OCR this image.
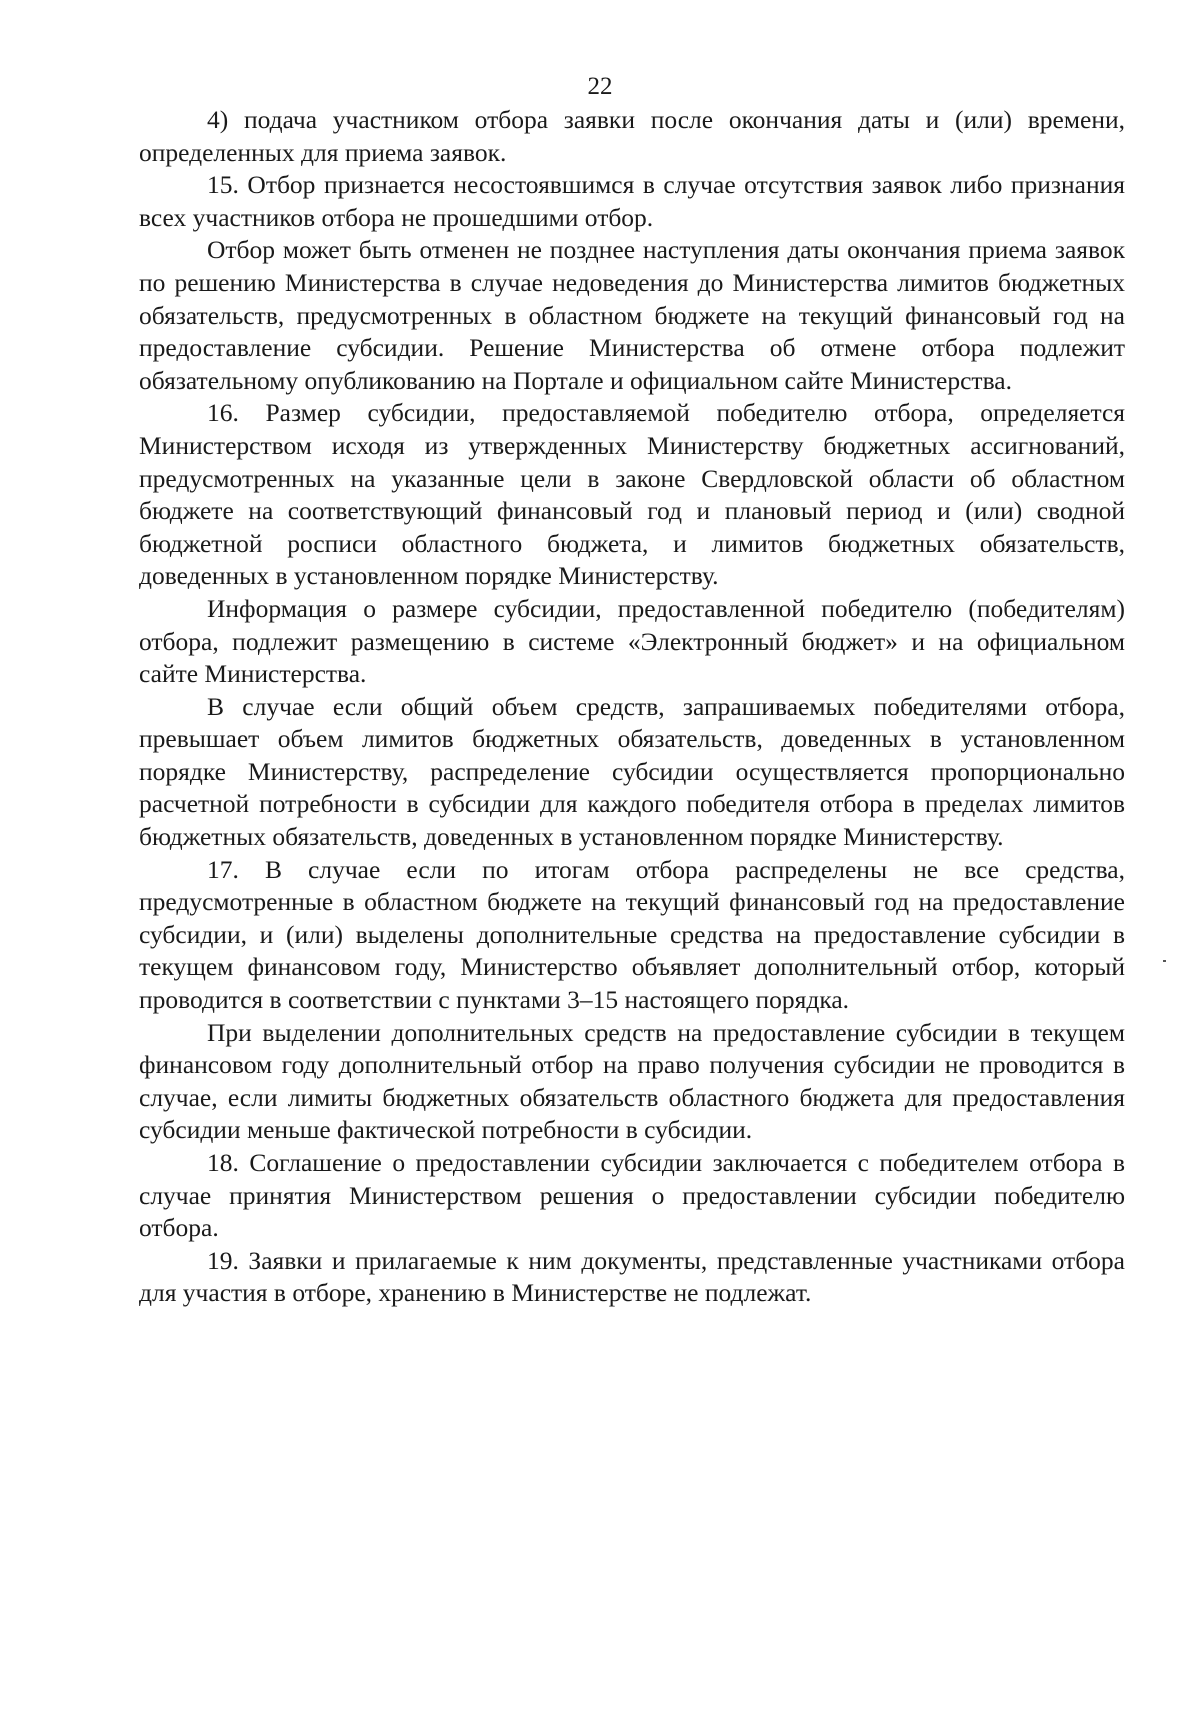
22

4) подача участником отбора заявки после окончания даты и (или) времени, определенных для приема заявок.

15. Отбор признается несостоявшимся в случае отсутствия заявок либо признания всех участников отбора не прошедшими отбор.

Отбор может быть отменен не позднее наступления даты окончания приема заявок по решению Министерства в случае недоведения до Министерства лимитов бюджетных обязательств, предусмотренных в областном бюджете на текущий финансовый год на предоставление субсидии. Решение Министерства об отмене отбора подлежит обязательному опубликованию на Портале и официальном сайте Министерства.

16. Размер субсидии, предоставляемой победителю отбора, определяется Министерством исходя из утвержденных Министерству бюджетных ассигнований, предусмотренных на указанные цели в законе Свердловской области об областном бюджете на соответствующий финансовый год и плановый период и (или) сводной бюджетной росписи областного бюджета, и лимитов бюджетных обязательств, доведенных в установленном порядке Министерству.

Информация о размере субсидии, предоставленной победителю (победителям) отбора, подлежит размещению в системе «Электронный бюджет» и на официальном сайте Министерства.

В случае если общий объем средств, запрашиваемых победителями отбора, превышает объем лимитов бюджетных обязательств, доведенных в установленном порядке Министерству, распределение субсидии осуществляется пропорционально расчетной потребности в субсидии для каждого победителя отбора в пределах лимитов бюджетных обязательств, доведенных в установленном порядке Министерству.

17. В случае если по итогам отбора распределены не все средства, предусмотренные в областном бюджете на текущий финансовый год на предоставление субсидии, и (или) выделены дополнительные средства на предоставление субсидии в текущем финансовом году, Министерство объявляет дополнительный отбор, который проводится в соответствии с пунктами 3–15 настоящего порядка.

При выделении дополнительных средств на предоставление субсидии в текущем финансовом году дополнительный отбор на право получения субсидии не проводится в случае, если лимиты бюджетных обязательств областного бюджета для предоставления субсидии меньше фактической потребности в субсидии.

18. Соглашение о предоставлении субсидии заключается с победителем отбора в случае принятия Министерством решения о предоставлении субсидии победителю отбора.

19. Заявки и прилагаемые к ним документы, представленные участниками отбора для участия в отборе, хранению в Министерстве не подлежат.
